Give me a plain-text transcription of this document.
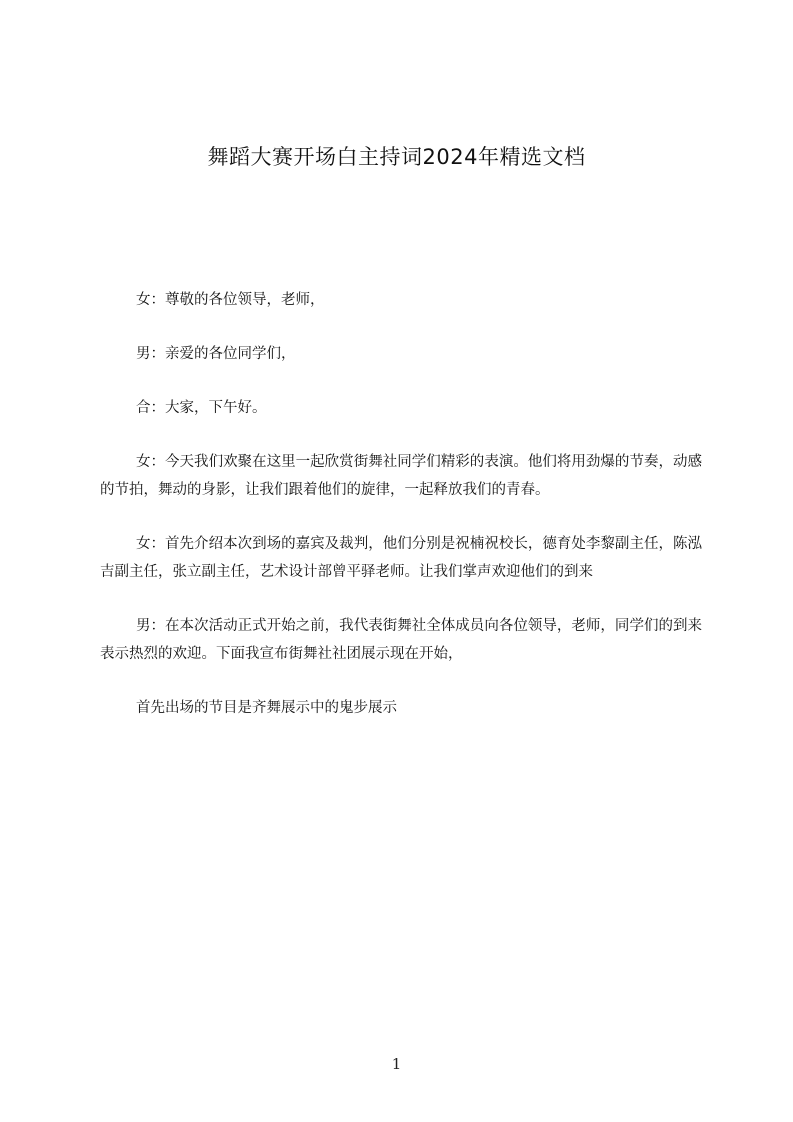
舞蹈大赛开场白主持词2024年精选文档

女：尊敬的各位领导，老师，

男：亲爱的各位同学们，

合：大家，下午好。

女：今天我们欢聚在这里一起欣赏街舞社同学们精彩的表演。他们将用劲爆的节奏，动感的节拍，舞动的身影，让我们跟着他们的旋律，一起释放我们的青春。

女：首先介绍本次到场的嘉宾及裁判，他们分别是祝楠祝校长，德育处李黎副主任，陈泓吉副主任，张立副主任，艺术设计部曾平驿老师。让我们掌声欢迎他们的到来

男：在本次活动正式开始之前，我代表街舞社全体成员向各位领导，老师，同学们的到来表示热烈的欢迎。下面我宣布街舞社社团展示现在开始，

首先出场的节目是齐舞展示中的鬼步展示

1
